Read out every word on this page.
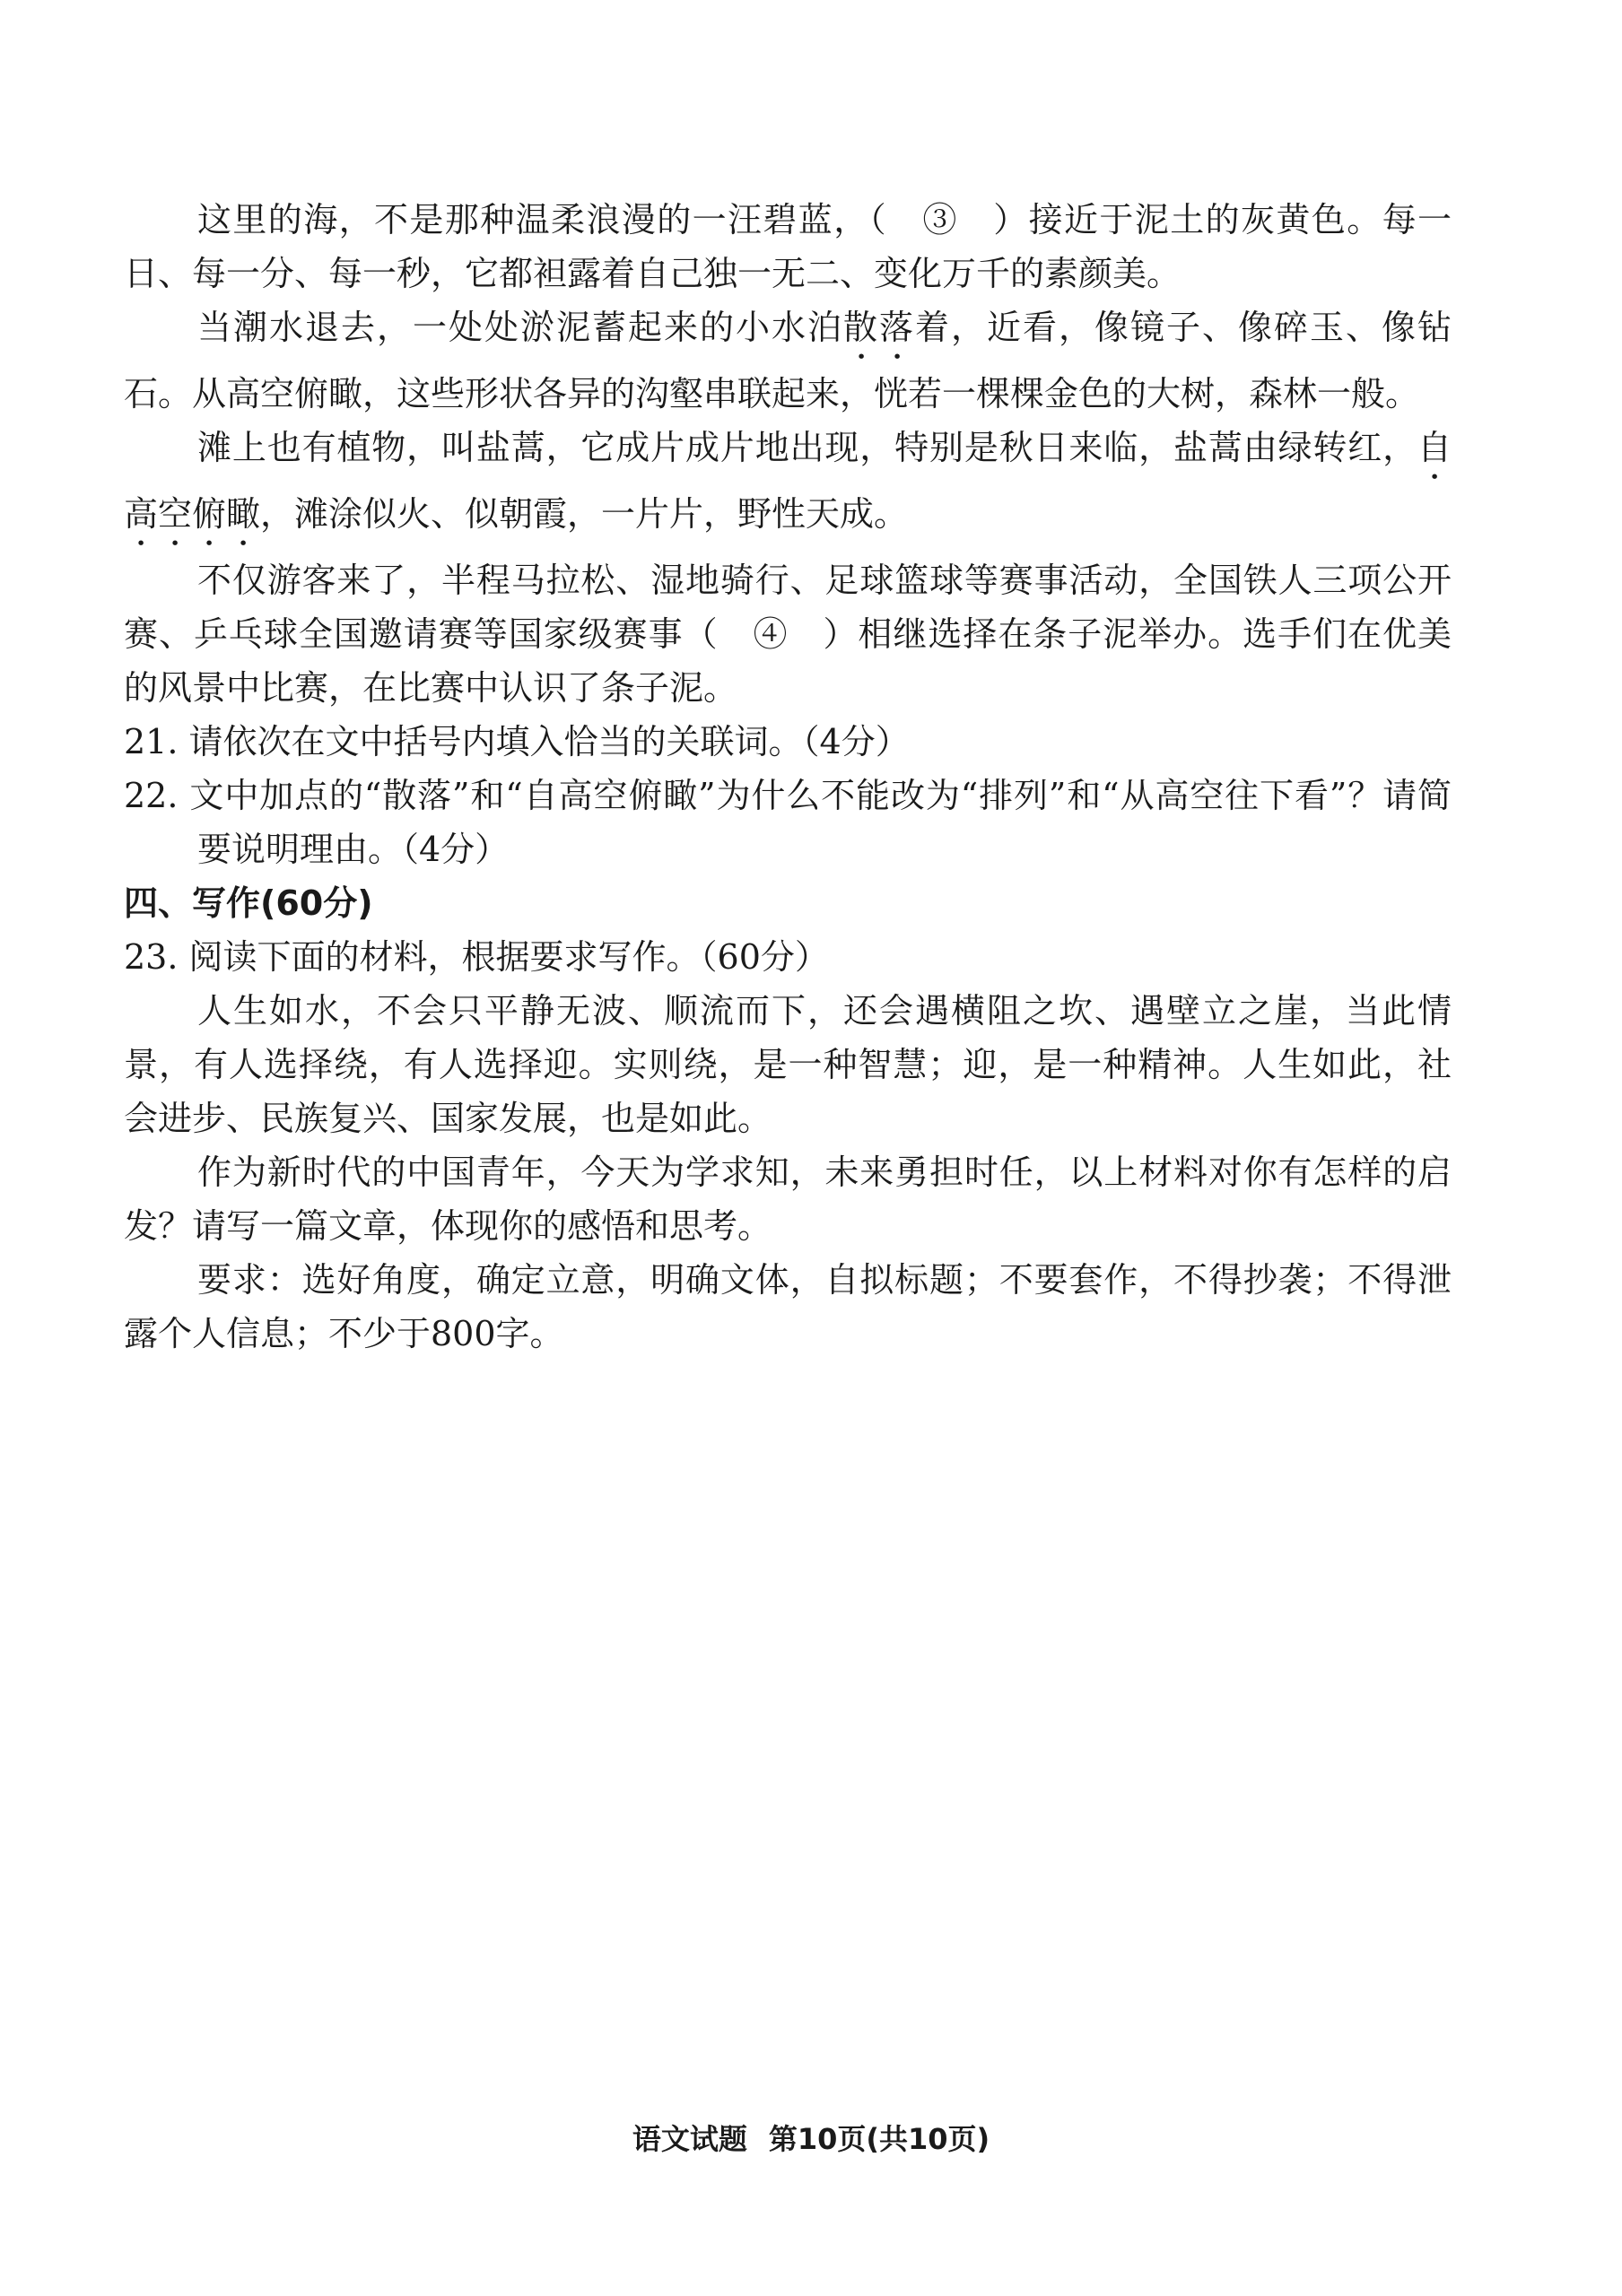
这里的海，不是那种温柔浪漫的一汪碧蓝，（　③　）接近于泥土的灰黄色。每一日、每一分、每一秒，它都袒露着自己独一无二、变化万千的素颜美。

当潮水退去，一处处淤泥蓄起来的小水泊散落着，近看，像镜子、像碎玉、像钻石。从高空俯瞰，这些形状各异的沟壑串联起来，恍若一棵棵金色的大树，森林一般。

滩上也有植物，叫盐蒿，它成片成片地出现，特别是秋日来临，盐蒿由绿转红，自高空俯瞰，滩涂似火、似朝霞，一片片，野性天成。

不仅游客来了，半程马拉松、湿地骑行、足球篮球等赛事活动，全国铁人三项公开赛、乒乓球全国邀请赛等国家级赛事（　④　）相继选择在条子泥举办。选手们在优美的风景中比赛，在比赛中认识了条子泥。

21. 请依次在文中括号内填入恰当的关联词。（4分）

22. 文中加点的“散落”和“自高空俯瞰”为什么不能改为“排列”和“从高空往下看”？请简要说明理由。（4分）

四、写作(60分)

23. 阅读下面的材料，根据要求写作。（60分）

人生如水，不会只平静无波、顺流而下，还会遇横阻之坎、遇壁立之崖，当此情景，有人选择绕，有人选择迎。实则绕，是一种智慧；迎，是一种精神。人生如此，社会进步、民族复兴、国家发展，也是如此。

作为新时代的中国青年，今天为学求知，未来勇担时任，以上材料对你有怎样的启发？请写一篇文章，体现你的感悟和思考。

要求：选好角度，确定立意，明确文体，自拟标题；不要套作，不得抄袭；不得泄露个人信息；不少于800字。

语文试题 第10页(共10页)
